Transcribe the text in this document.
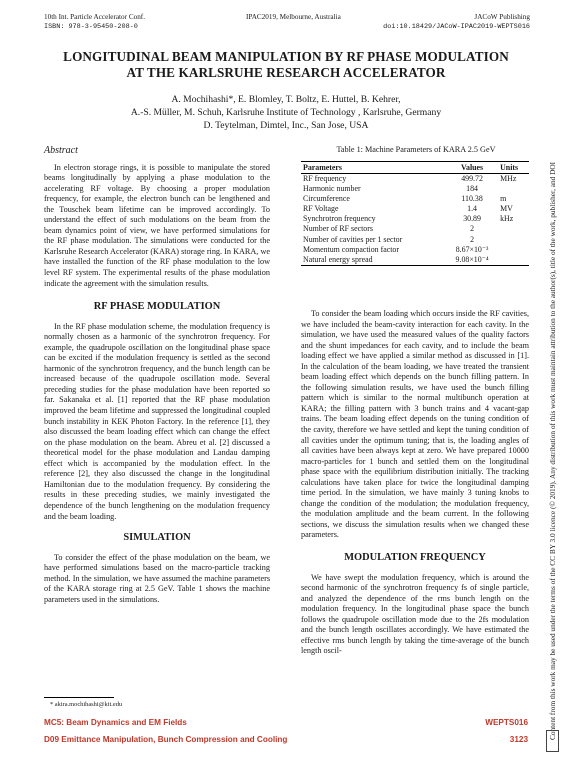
10th Int. Particle Accelerator Conf.
ISBN: 978-3-95450-208-0
IPAC2019, Melbourne, Australia	JACoW Publishing
doi:10.18429/JACoW-IPAC2019-WEPTS016
LONGITUDINAL BEAM MANIPULATION BY RF PHASE MODULATION
AT THE KARLSRUHE RESEARCH ACCELERATOR
A. Mochihashi*, E. Blomley, T. Boltz, E. Huttel, B. Kehrer,
A.-S. Müller, M. Schuh, Karlsruhe Institute of Technology , Karlsruhe, Germany
D. Teytelman, Dimtel, Inc., San Jose, USA
Abstract

In electron storage rings, it is possible to manipulate the stored beams longitudinally by applying a phase modulation to the accelerating RF voltage. By choosing a proper modulation frequency, for example, the electron bunch can be lengthened and the Touschek beam lifetime can be improved accordingly. To understand the effect of such modulations on the beam from the beam dynamics point of view, we have performed simulations for the RF phase modulation. The simulations were conducted for the Karlsruhe Research Accelerator (KARA) storage ring. In KARA, we have installed the function of the RF phase modulation to the low level RF system. The experimental results of the phase modulation indicate the agreement with the simulation results.

RF PHASE MODULATION

In the RF phase modulation scheme, the modulation frequency is normally chosen as a harmonic of the synchrotron frequency. For example, the quadrupole oscillation on the longitudinal phase space can be excited if the modulation frequency is settled as the second harmonic of the synchrotron frequency, and the bunch length can be increased because of the quadrupole oscillation mode. Several preceding studies for the phase modulation have been reported so far. Sakanaka et al. [1] reported that the RF phase modulation improved the beam lifetime and suppressed the longitudinal coupled bunch instability in KEK Photon Factory. In the reference [1], they also discussed the beam loading effect which can change the effect on the phase modulation on the beam. Abreu et al. [2] discussed a theoretical model for the phase modulation and Landau damping effect which is accompanied by the modulation effect. In the reference [2], they also discussed the change in the longitudinal Hamiltonian due to the modulation frequency. By considering the results in these preceding studies, we mainly investigated the dependence of the bunch lengthening on the modulation frequency and the beam loading.

SIMULATION

To consider the effect of the phase modulation on the beam, we have performed simulations based on the macro-particle tracking method. In the simulation, we have assumed the machine parameters of the KARA storage ring at 2.5 GeV. Table 1 shows the machine parameters used in the simulations.

* akira.mochihashi@kit.edu
Table 1: Machine Parameters of KARA 2.5 GeV
Parameters	Values	Units
RF frequency	499.72	MHz
Harmonic number	184	
Circumference	110.38	m
RF Voltage	1.4	MV
Synchrotron frequency	30.89	kHz
Number of RF sectors	2	
Number of cavities per 1 sector	2	
Momentum compaction factor	8.67×10⁻³	
Natural energy spread	9.08×10⁻⁴	

To consider the beam loading which occurs inside the RF cavities, we have included the beam-cavity interaction for each cavity. In the simulation, we have used the measured values of the quality factors and the shunt impedances for each cavity, and to include the beam loading effect we have applied a similar method as discussed in [1]. In the calculation of the beam loading, we have treated the transient beam loading effect which depends on the bunch filling pattern. In the following simulation results, we have used the bunch filling pattern which is similar to the normal multibunch operation at KARA; the filling pattern with 3 bunch trains and 4 vacant-gap trains. The beam loading effect depends on the tuning condition of the cavity, therefore we have settled and kept the tuning condition of all cavities under the optimum tuning; that is, the loading angles of all cavities have been always kept at zero. We have prepared 10000 macro-particles for 1 bunch and settled them on the longitudinal phase space with the equilibrium distribution initially. The tracking calculations have taken place for twice the longitudinal damping time period. In the simulation, we have mainly 3 tuning knobs to change the condition of the modulation; the modulation frequency, the modulation amplitude and the beam current. In the following sections, we discuss the simulation results when we changed these parameters.

MODULATION FREQUENCY

We have swept the modulation frequency, which is around the second harmonic of the synchrotron frequency fs of single particle, and analyzed the dependence of the rms bunch length on the modulation frequency. In the longitudinal phase space the bunch follows the quadrupole oscillation mode due to the 2fs modulation and the bunch length oscillates accordingly. We have estimated the effective rms bunch length by taking the time-average of the bunch length oscil-

MC5: Beam Dynamics and EM Fields
D09 Emittance Manipulation, Bunch Compression and Cooling
WEPTS016
3123	Content from this work may be used under the terms of the CC BY 3.0 licence (© 2019). Any distribution of this work must maintain attribution to the author(s), title of the work, publisher, and DOI
